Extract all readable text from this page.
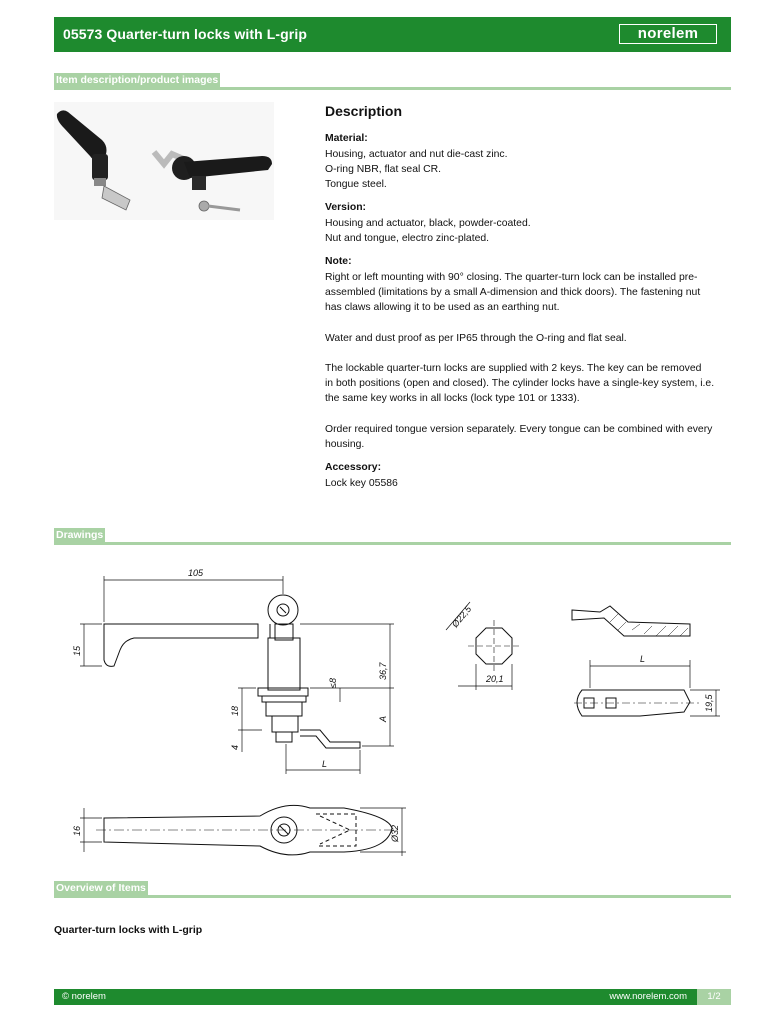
05573 Quarter-turn locks with L-grip	norelem
Item description/product images
Description

Material:

Housing, actuator and nut die-cast zinc.

O-ring NBR, flat seal CR.

Tongue steel.

Version:

Housing and actuator, black, powder-coated.

Nut and tongue, electro zinc-plated.

Note:

Right or left mounting with 90° closing. The quarter-turn lock can be installed pre-

assembled (limitations by a small A-dimension and thick doors). The fastening nut

has claws allowing it to be used as an earthing nut.

Water and dust proof as per IP65 through the O-ring and flat seal.

The lockable quarter-turn locks are supplied with 2 keys. The key can be removed

in both positions (open and closed). The cylinder locks have a single-key system, i.e.

the same key works in all locks (lock type 101 or 1333).

Order required tongue version separately. Every tongue can be combined with every

housing.

Accessory:

Lock key 05586

Drawings
105
15
36,7
≤8
18
A
4
L
16	Ø32
Ø22,5
20,1
L
19,5
Overview of Items
Quarter-turn locks with L-grip
© norelem	www.norelem.com	1/2
